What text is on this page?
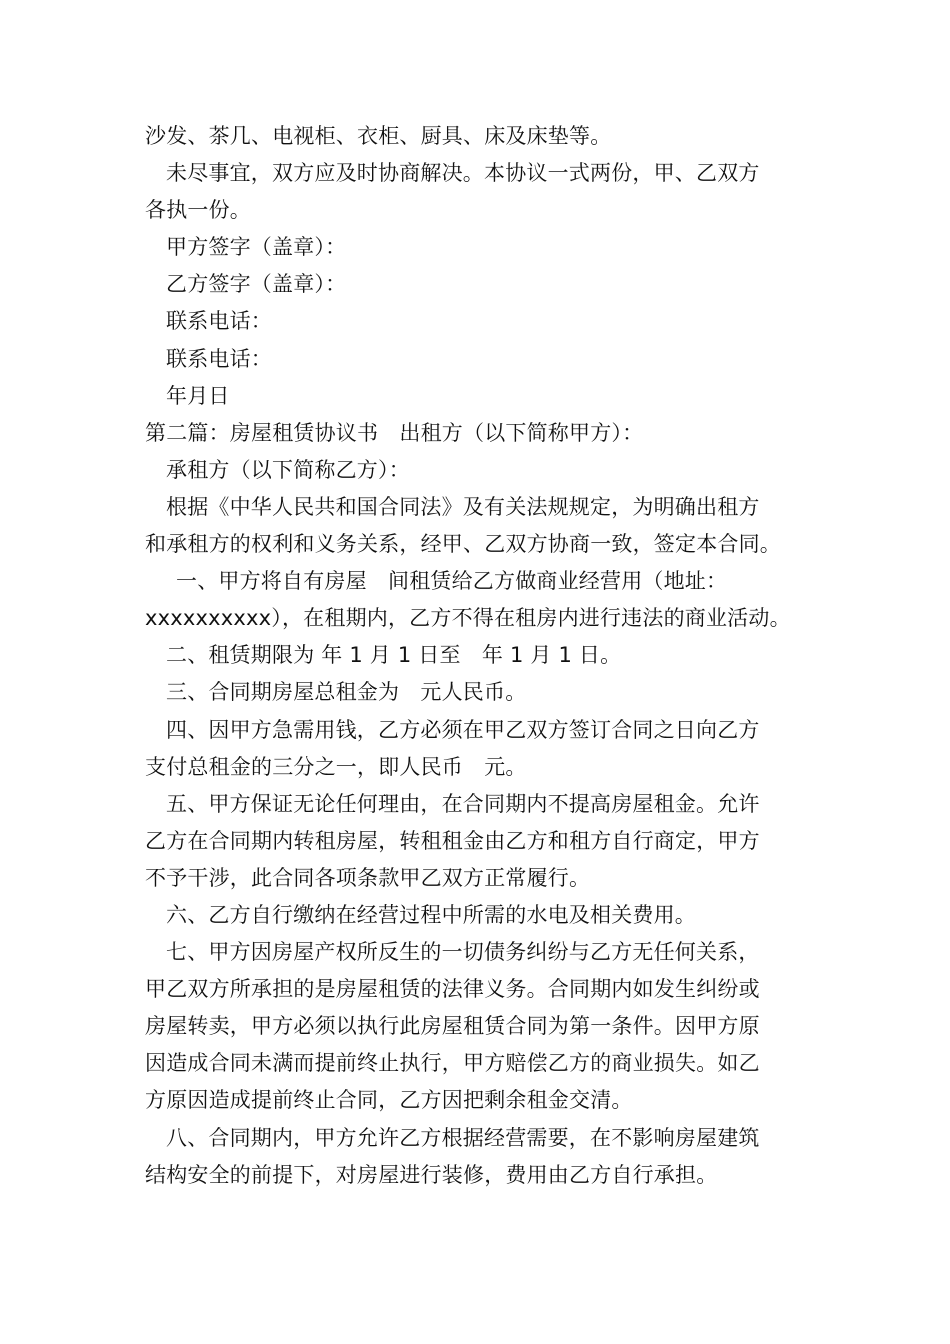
沙发、茶几、电视柜、衣柜、厨具、床及床垫等。
未尽事宜，双方应及时协商解决。本协议一式两份，甲、乙双方
各执一份。
甲方签字（盖章）：
乙方签字（盖章）：
联系电话：
联系电话：
年月日
第二篇：房屋租赁协议书　出租方（以下简称甲方）：
承租方（以下简称乙方）：
根据《中华人民共和国合同法》及有关法规规定，为明确出租方
和承租方的权利和义务关系，经甲、乙双方协商一致，签定本合同。
一、甲方将自有房屋　间租赁给乙方做商业经营用（地址：
xxxxxxxxxx），在租期内，乙方不得在租房内进行违法的商业活动。
二、租赁期限为 年 1 月 1 日至　年 1 月 1 日。
三、合同期房屋总租金为　元人民币。
四、因甲方急需用钱，乙方必须在甲乙双方签订合同之日向乙方
支付总租金的三分之一，即人民币　元。
五、甲方保证无论任何理由，在合同期内不提高房屋租金。允许
乙方在合同期内转租房屋，转租租金由乙方和租方自行商定，甲方
不予干涉，此合同各项条款甲乙双方正常履行。
六、乙方自行缴纳在经营过程中所需的水电及相关费用。
七、甲方因房屋产权所反生的一切债务纠纷与乙方无任何关系，
甲乙双方所承担的是房屋租赁的法律义务。合同期内如发生纠纷或
房屋转卖，甲方必须以执行此房屋租赁合同为第一条件。因甲方原
因造成合同未满而提前终止执行，甲方赔偿乙方的商业损失。如乙
方原因造成提前终止合同，乙方因把剩余租金交清。
八、合同期内，甲方允许乙方根据经营需要，在不影响房屋建筑
结构安全的前提下，对房屋进行装修，费用由乙方自行承担。
